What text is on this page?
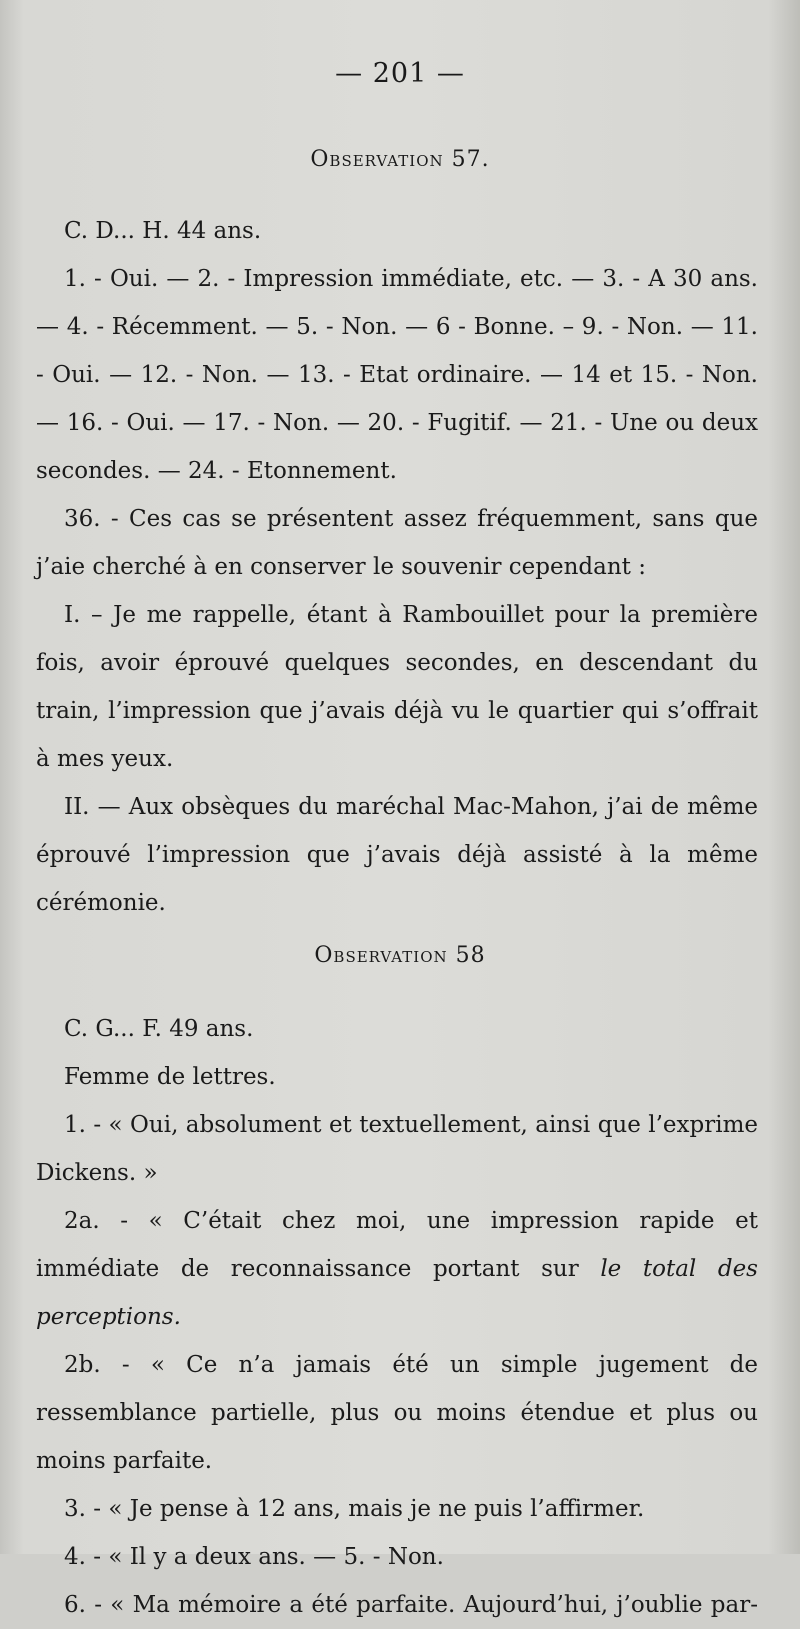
— 201 —
Observation 57.

C. D... H. 44 ans.

1. - Oui. — 2. - Impression immédiate, etc. — 3. - A 30 ans. — 4. - Récemment. — 5. - Non. — 6 - Bonne. – 9. - Non. — 11. - Oui. — 12. - Non. — 13. - Etat ordinaire. — 14 et 15. - Non. — 16. - Oui. — 17. - Non. — 20. - Fugitif. — 21. - Une ou deux secondes. — 24. - Etonnement.

36. - Ces cas se présentent assez fréquemment, sans que j’aie cherché à en conserver le souvenir cependant :

I. – Je me rappelle, étant à Rambouillet pour la première fois, avoir éprouvé quelques secondes, en descendant du train, l’impression que j’avais déjà vu le quartier qui s’offrait à mes yeux.

II. — Aux obsèques du maréchal Mac-Mahon, j’ai de même éprouvé l’impression que j’avais déjà assisté à la même cérémonie.

Observation 58

C. G... F. 49 ans.

Femme de lettres.

1. - « Oui, absolument et textuellement, ainsi que l’exprime Dickens. »

2a. - « C’était chez moi, une impression rapide et immédiate de reconnaissance portant sur le total des perceptions.

2b. - « Ce n’a jamais été un simple jugement de ressemblance partielle, plus ou moins étendue et plus ou moins parfaite.

3. - « Je pense à 12 ans, mais je ne puis l’affirmer.

4. - « Il y a deux ans. — 5. - Non.

6. - « Ma mémoire a été parfaite. Aujourd’hui, j’oublie par-
